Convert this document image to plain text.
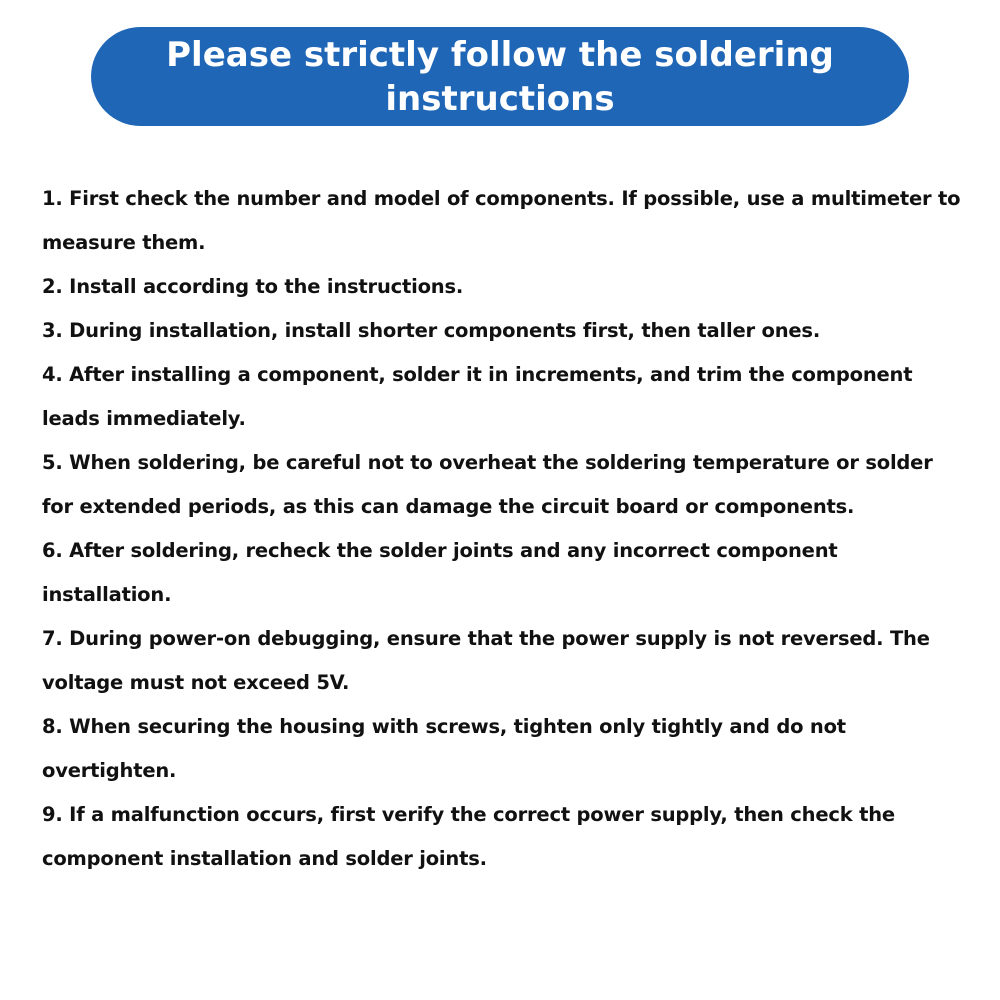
Please strictly follow the soldering instructions
1. First check the number and model of components. If possible, use a multimeter to measure them.
2. Install according to the instructions.
3. During installation, install shorter components first, then taller ones.
4. After installing a component, solder it in increments, and trim the component leads immediately.
5. When soldering, be careful not to overheat the soldering temperature or solder for extended periods, as this can damage the circuit board or components.
6. After soldering, recheck the solder joints and any incorrect component installation.
7. During power-on debugging, ensure that the power supply is not reversed. The voltage must not exceed 5V.
8. When securing the housing with screws, tighten only tightly and do not overtighten.
9. If a malfunction occurs, first verify the correct power supply, then check the component installation and solder joints.
